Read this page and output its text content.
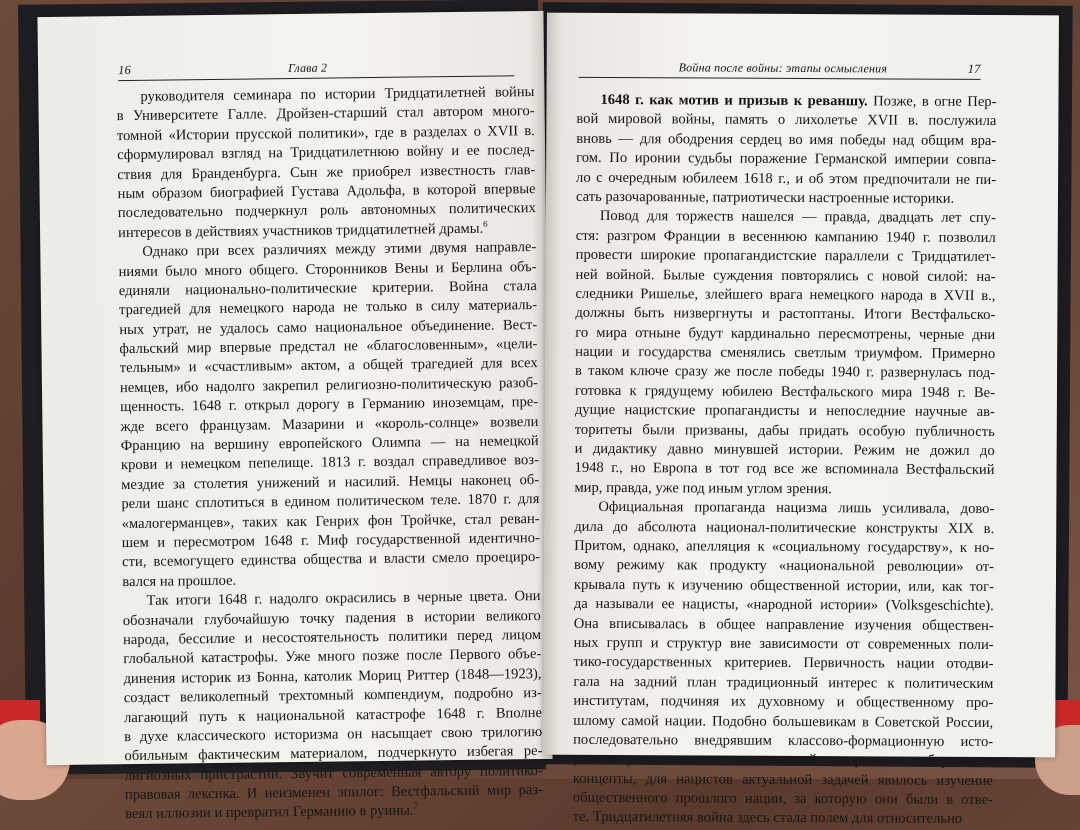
16	Глава 2
руководителя семинара по истории Тридцатилетней войны
в Университете Галле. Дройзен-старший стал автором много-
томной «Истории прусской политики», где в разделах о XVII в.
сформулировал взгляд на Тридцатилетнюю войну и ее послед-
ствия для Бранденбурга. Сын же приобрел известность глав-
ным образом биографией Густава Адольфа, в которой впервые
последовательно подчеркнул роль автономных политических
интересов в действиях участников тридцатилетней драмы.$^6$
Однако при всех различиях между этими двумя направле-
ниями было много общего. Сторонников Вены и Берлина объ-
единяли национально-политические критерии. Война стала
трагедией для немецкого народа не только в силу материаль-
ных утрат, не удалось само национальное объединение. Вест-
фальский мир впервые предстал не «благословенным», «цели-
тельным» и «счастливым» актом, а общей трагедией для всех
немцев, ибо надолго закрепил религиозно-политическую разоб-
щенность. 1648 г. открыл дорогу в Германию иноземцам, пре-
жде всего французам. Мазарини и «король-солнце» возвели
Францию на вершину европейского Олимпа — на немецкой
крови и немецком пепелище. 1813 г. воздал справедливое воз-
мездие за столетия унижений и насилий. Немцы наконец об-
рели шанс сплотиться в едином политическом теле. 1870 г. для
«малогерманцев», таких как Генрих фон Тройчке, стал реван-
шем и пересмотром 1648 г. Миф государственной идентично-
сти, всемогущего единства общества и власти смело проециро-
вался на прошлое.
Так итоги 1648 г. надолго окрасились в черные цвета. Они
обозначали глубочайшую точку падения в истории великого
народа, бессилие и несостоятельность политики перед лицом
глобальной катастрофы. Уже много позже после Первого объе-
динения историк из Бонна, католик Мориц Риттер (1848—1923),
создаст великолепный трехтомный компендиум, подробно из-
лагающий путь к национальной катастрофе 1648 г. Вполне
в духе классического историзма он насыщает свою трилогию
обильным фактическим материалом, подчеркнуто избегая ре-
лигиозных пристрастий. Звучит современная автору политико-
правовая лексика. И неизменен эпилог: Вестфальский мир раз-
веял иллюзии и превратил Германию в руины.$^7$
Война после войны: этапы осмысления	17
1648 г. как мотив и призыв к реваншу. Позже, в огне Пер-
вой мировой войны, память о лихолетье XVII в. послужила
вновь — для ободрения сердец во имя победы над общим вра-
гом. По иронии судьбы поражение Германской империи совпа-
ло с очередным юбилеем 1618 г., и об этом предпочитали не пи-
сать разочарованные, патриотически настроенные историки.
Повод для торжеств нашелся — правда, двадцать лет спу-
стя: разгром Франции в весеннюю кампанию 1940 г. позволил
провести широкие пропагандистские параллели с Тридцатилет-
ней войной. Былые суждения повторялись с новой силой: на-
следники Ришелье, злейшего врага немецкого народа в XVII в.,
должны быть низвергнуты и растоптаны. Итоги Вестфальско-
го мира отныне будут кардинально пересмотрены, черные дни
нации и государства сменялись светлым триумфом. Примерно
в таком ключе сразу же после победы 1940 г. развернулась под-
готовка к грядущему юбилею Вестфальского мира 1948 г. Ве-
дущие нацистские пропагандисты и непоследние научные ав-
торитеты были призваны, дабы придать особую публичность
и дидактику давно минувшей истории. Режим не дожил до
1948 г., но Европа в тот год все же вспоминала Вестфальский
мир, правда, уже под иным углом зрения.
Официальная пропаганда нацизма лишь усиливала, дово-
дила до абсолюта национал-политические конструкты XIX в.
Притом, однако, апелляция к «социальному государству», к но-
вому режиму как продукту «национальной революции» от-
крывала путь к изучению общественной истории, или, как тог-
да называли ее нацисты, «народной истории» (Volksgeschichte).
Она вписывалась в общее направление изучения обществен-
ных групп и структур вне зависимости от современных поли-
тико-государственных критериев. Первичность нации отодви-
гала на задний план традиционный интерес к политическим
институтам, подчиняя их духовному и общественному про-
шлому самой нации. Подобно большевикам в Советской России,
последовательно внедрявшим классово-формационную исто-
рию и уничтожавшим классический историзм и либеральные
концепты, для нацистов актуальной задачей явилось изучение
общественного прошлого нации, за которую они были в отве-
те. Тридцатилетняя война здесь стала полем для относительно
